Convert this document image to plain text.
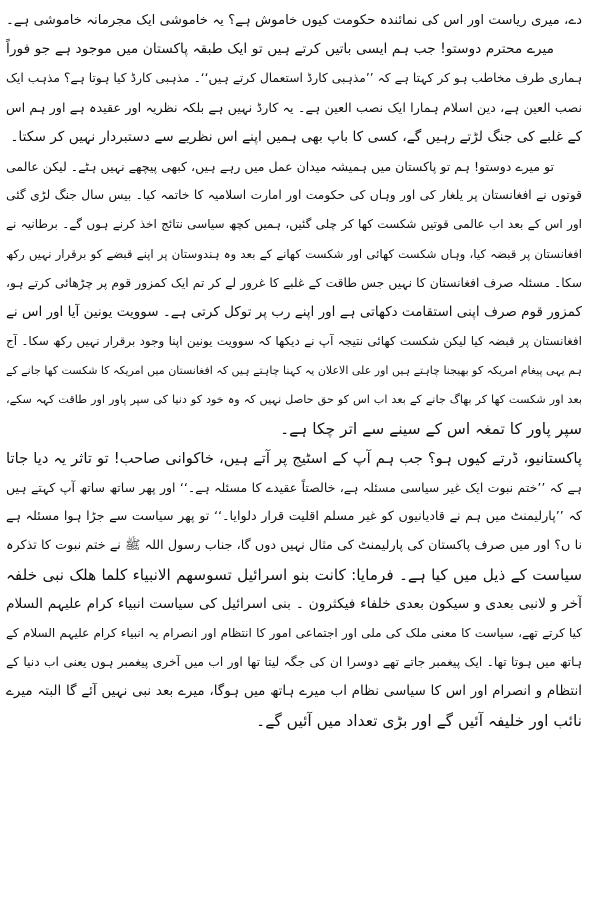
دے، میری ریاست اور اس کی نمائندہ حکومت کیوں خاموش ہے؟ یہ خاموشی ایک مجرمانہ خاموشی ہے۔
میرے محترم دوستو! جب ہم ایسی باتیں کرتے ہیں تو ایک طبقہ پاکستان میں موجود ہے جو فوراً
ہماری طرف مخاطب ہو کر کہتا ہے کہ ’’مذہبی کارڈ استعمال کرتے ہیں‘‘۔ مذہبی کارڈ کیا ہوتا ہے؟ مذہب ایک
نصب العین ہے، دین اسلام ہمارا ایک نصب العین ہے۔ یہ کارڈ نہیں ہے بلکہ نظریہ اور عقیدہ ہے اور ہم اس
کے غلبے کی جنگ لڑتے رہیں گے، کسی کا باپ بھی ہمیں اپنے اس نظریے سے دستبردار نہیں کر سکتا۔
تو میرے دوستو! ہم تو پاکستان میں ہمیشہ میدان عمل میں رہے ہیں، کبھی پیچھے نہیں ہٹے۔ لیکن عالمی
قوتوں نے افغانستان پر یلغار کی اور وہاں کی حکومت اور امارت اسلامیہ کا خاتمہ کیا۔ بیس سال جنگ لڑی گئی
اور اس کے بعد اب عالمی قوتیں شکست کھا کر چلی گئیں، ہمیں کچھ سیاسی نتائج اخذ کرنے ہوں گے۔ برطانیہ نے
افغانستان پر قبضہ کیا، وہاں شکست کھائی اور شکست کھانے کے بعد وہ ہندوستان پر اپنے قبضے کو برقرار نہیں رکھ
سکا۔ مسئلہ صرف افغانستان کا نہیں جس طاقت کے غلبے کا غرور لے کر تم ایک کمزور قوم پر چڑھائی کرتے ہو،
کمزور قوم صرف اپنی استقامت دکھاتی ہے اور اپنے رب پر توکل کرتی ہے۔ سوویت یونین آیا اور اس نے
افغانستان پر قبضہ کیا لیکن شکست کھائی نتیجہ آپ نے دیکھا کہ سوویت یونین اپنا وجود برقرار نہیں رکھ سکا۔ آج
ہم یہی پیغام امریکہ کو بھیجنا چاہتے ہیں اور علی الاعلان یہ کہنا چاہتے ہیں کہ افغانستان میں امریکہ کا شکست کھا جانے کے
بعد اور شکست کھا کر بھاگ جانے کے بعد اب اس کو حق حاصل نہیں کہ وہ خود کو دنیا کی سپر پاور اور طاقت کہہ سکے،
سپر پاور کا تمغہ اس کے سینے سے اتر چکا ہے۔
پاکستانیو، ڈرتے کیوں ہو؟ جب ہم آپ کے اسٹیج پر آتے ہیں، خاکوانی صاحب! تو تاثر یہ دیا جاتا
ہے کہ ’’ختم نبوت ایک غیر سیاسی مسئلہ ہے، خالصتاً عقیدے کا مسئلہ ہے۔‘‘ اور پھر ساتھ ساتھ آپ کہتے ہیں
کہ ’’پارلیمنٹ میں ہم نے قادیانیوں کو غیر مسلم اقلیت قرار دلوایا۔‘‘ تو پھر سیاست سے جڑا ہوا مسئلہ ہے
نا ں؟ اور میں صرف پاکستان کی پارلیمنٹ کی مثال نہیں دوں گا، جناب رسول اللہ ﷺ نے ختم نبوت کا تذکرہ
سیاست کے ذیل میں کیا ہے۔ فرمایا: کانت بنو اسرائیل تسوسھم الانبیاء کلما ھلک نبی خلفہ
آخر و لانبی بعدی و سیکون بعدی خلفاء فیکثرون ۔ بنی اسرائیل کی سیاست انبیاء کرام علیہم السلام
کیا کرتے تھے، سیاست کا معنی ملک کی ملی اور اجتماعی امور کا انتظام اور انصرام یہ انبیاء کرام علیہم السلام کے
ہاتھ میں ہوتا تھا۔ ایک پیغمبر جاتے تھے دوسرا ان کی جگہ لیتا تھا اور اب میں آخری پیغمبر ہوں یعنی اب دنیا کے
انتظام و انصرام اور اس کا سیاسی نظام اب میرے ہاتھ میں ہوگا، میرے بعد نبی نہیں آئے گا البتہ میرے
نائب اور خلیفہ آئیں گے اور بڑی تعداد میں آئیں گے۔
